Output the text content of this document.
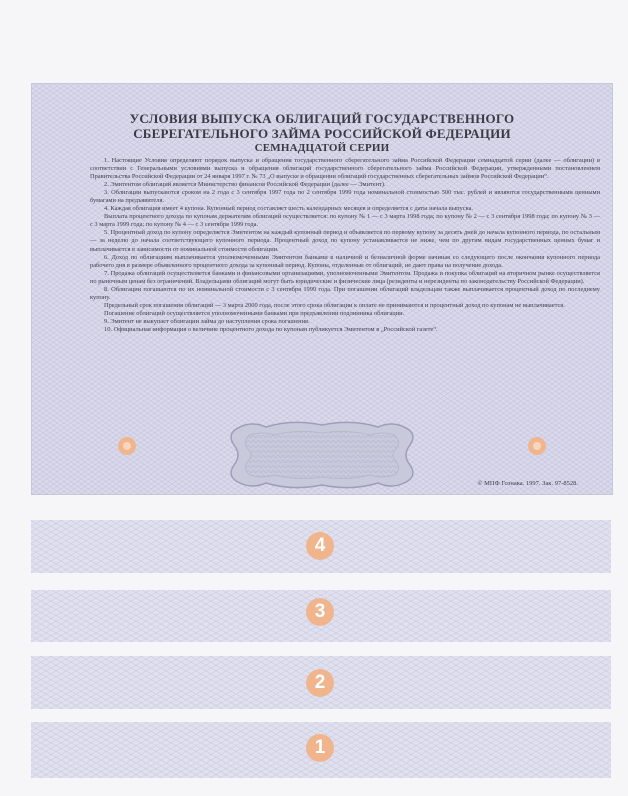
УСЛОВИЯ ВЫПУСКА ОБЛИГАЦИЙ ГОСУДАРСТВЕННОГО
СБЕРЕГАТЕЛЬНОГО ЗАЙМА РОССИЙСКОЙ ФЕДЕРАЦИИ
СЕМНАДЦАТОЙ СЕРИИ

1. Настоящие Условия определяют порядок выпуска и обращения государственного сберегательного займа Российской Федерации семнадцатой серии (далее — облигации) в соответствии с Генеральными условиями выпуска и обращения облигаций государственного сберегательного займа Российской Федерации, утвержденными постановлением Правительства Российской Федерации от 24 января 1997 г. № 73 „О выпуске и обращении облигаций государственных сберегательных займов Российской Федерации“.

2. Эмитентом облигаций является Министерство финансов Российской Федерации (далее — Эмитент).

3. Облигации выпускаются сроком на 2 года с 3 сентября 1997 года по 2 сентября 1999 года номинальной стоимостью 500 тыс. рублей и являются государственными ценными бумагами на предъявителя.

4. Каждая облигация имеет 4 купона. Купонный период составляет шесть календарных месяцев и определяется с даты начала выпуска.

Выплата процентного дохода по купонам держателям облигаций осуществляется: по купону № 1 — с 3 марта 1998 года; по купону № 2 — с 3 сентября 1998 года; по купону № 3 — с 3 марта 1999 года; по купону № 4 — с 3 сентября 1999 года.

5. Процентный доход по купону определяется Эмитентом на каждый купонный период и объявляется по первому купону за десять дней до начала купонного периода, по остальным — за неделю до начала соответствующего купонного периода. Процентный доход по купону устанавливается не ниже, чем по другим видам государственных ценных бумаг и выплачивается в зависимости от номинальной стоимости облигации.

6. Доход по облигациям выплачивается уполномоченными Эмитентом банками в наличной и безналичной форме начиная со следующего после окончания купонного периода рабочего дня в размере объявленного процентного дохода за купонный период. Купоны, отделенные от облигаций, не дают права на получение дохода.

7. Продажа облигаций осуществляется банками и финансовыми организациями, уполномоченными Эмитентом. Продажа и покупка облигаций на вторичном рынке осуществляется по рыночным ценам без ограничений. Владельцами облигаций могут быть юридические и физические лица (резиденты и нерезиденты по законодательству Российской Федерации).

8. Облигации погашаются по их номинальной стоимости с 3 сентября 1999 года. При погашении облигаций владельцам также выплачивается процентный доход по последнему купону.

Предельный срок погашения облигаций — 3 марта 2000 года, после этого срока облигации к оплате не принимаются и процентный доход по купонам не выплачивается.

Погашение облигаций осуществляется уполномоченными банками при предъявлении подлинника облигации.

9. Эмитент не выкупает облигации займа до наступления срока погашения.

10. Официальная информация о величине процентного дохода по купонам публикуется Эмитентом в „Российской газете“.

© МПФ Гознака. 1997. Зак. 97-8528.
4
3
2
1
